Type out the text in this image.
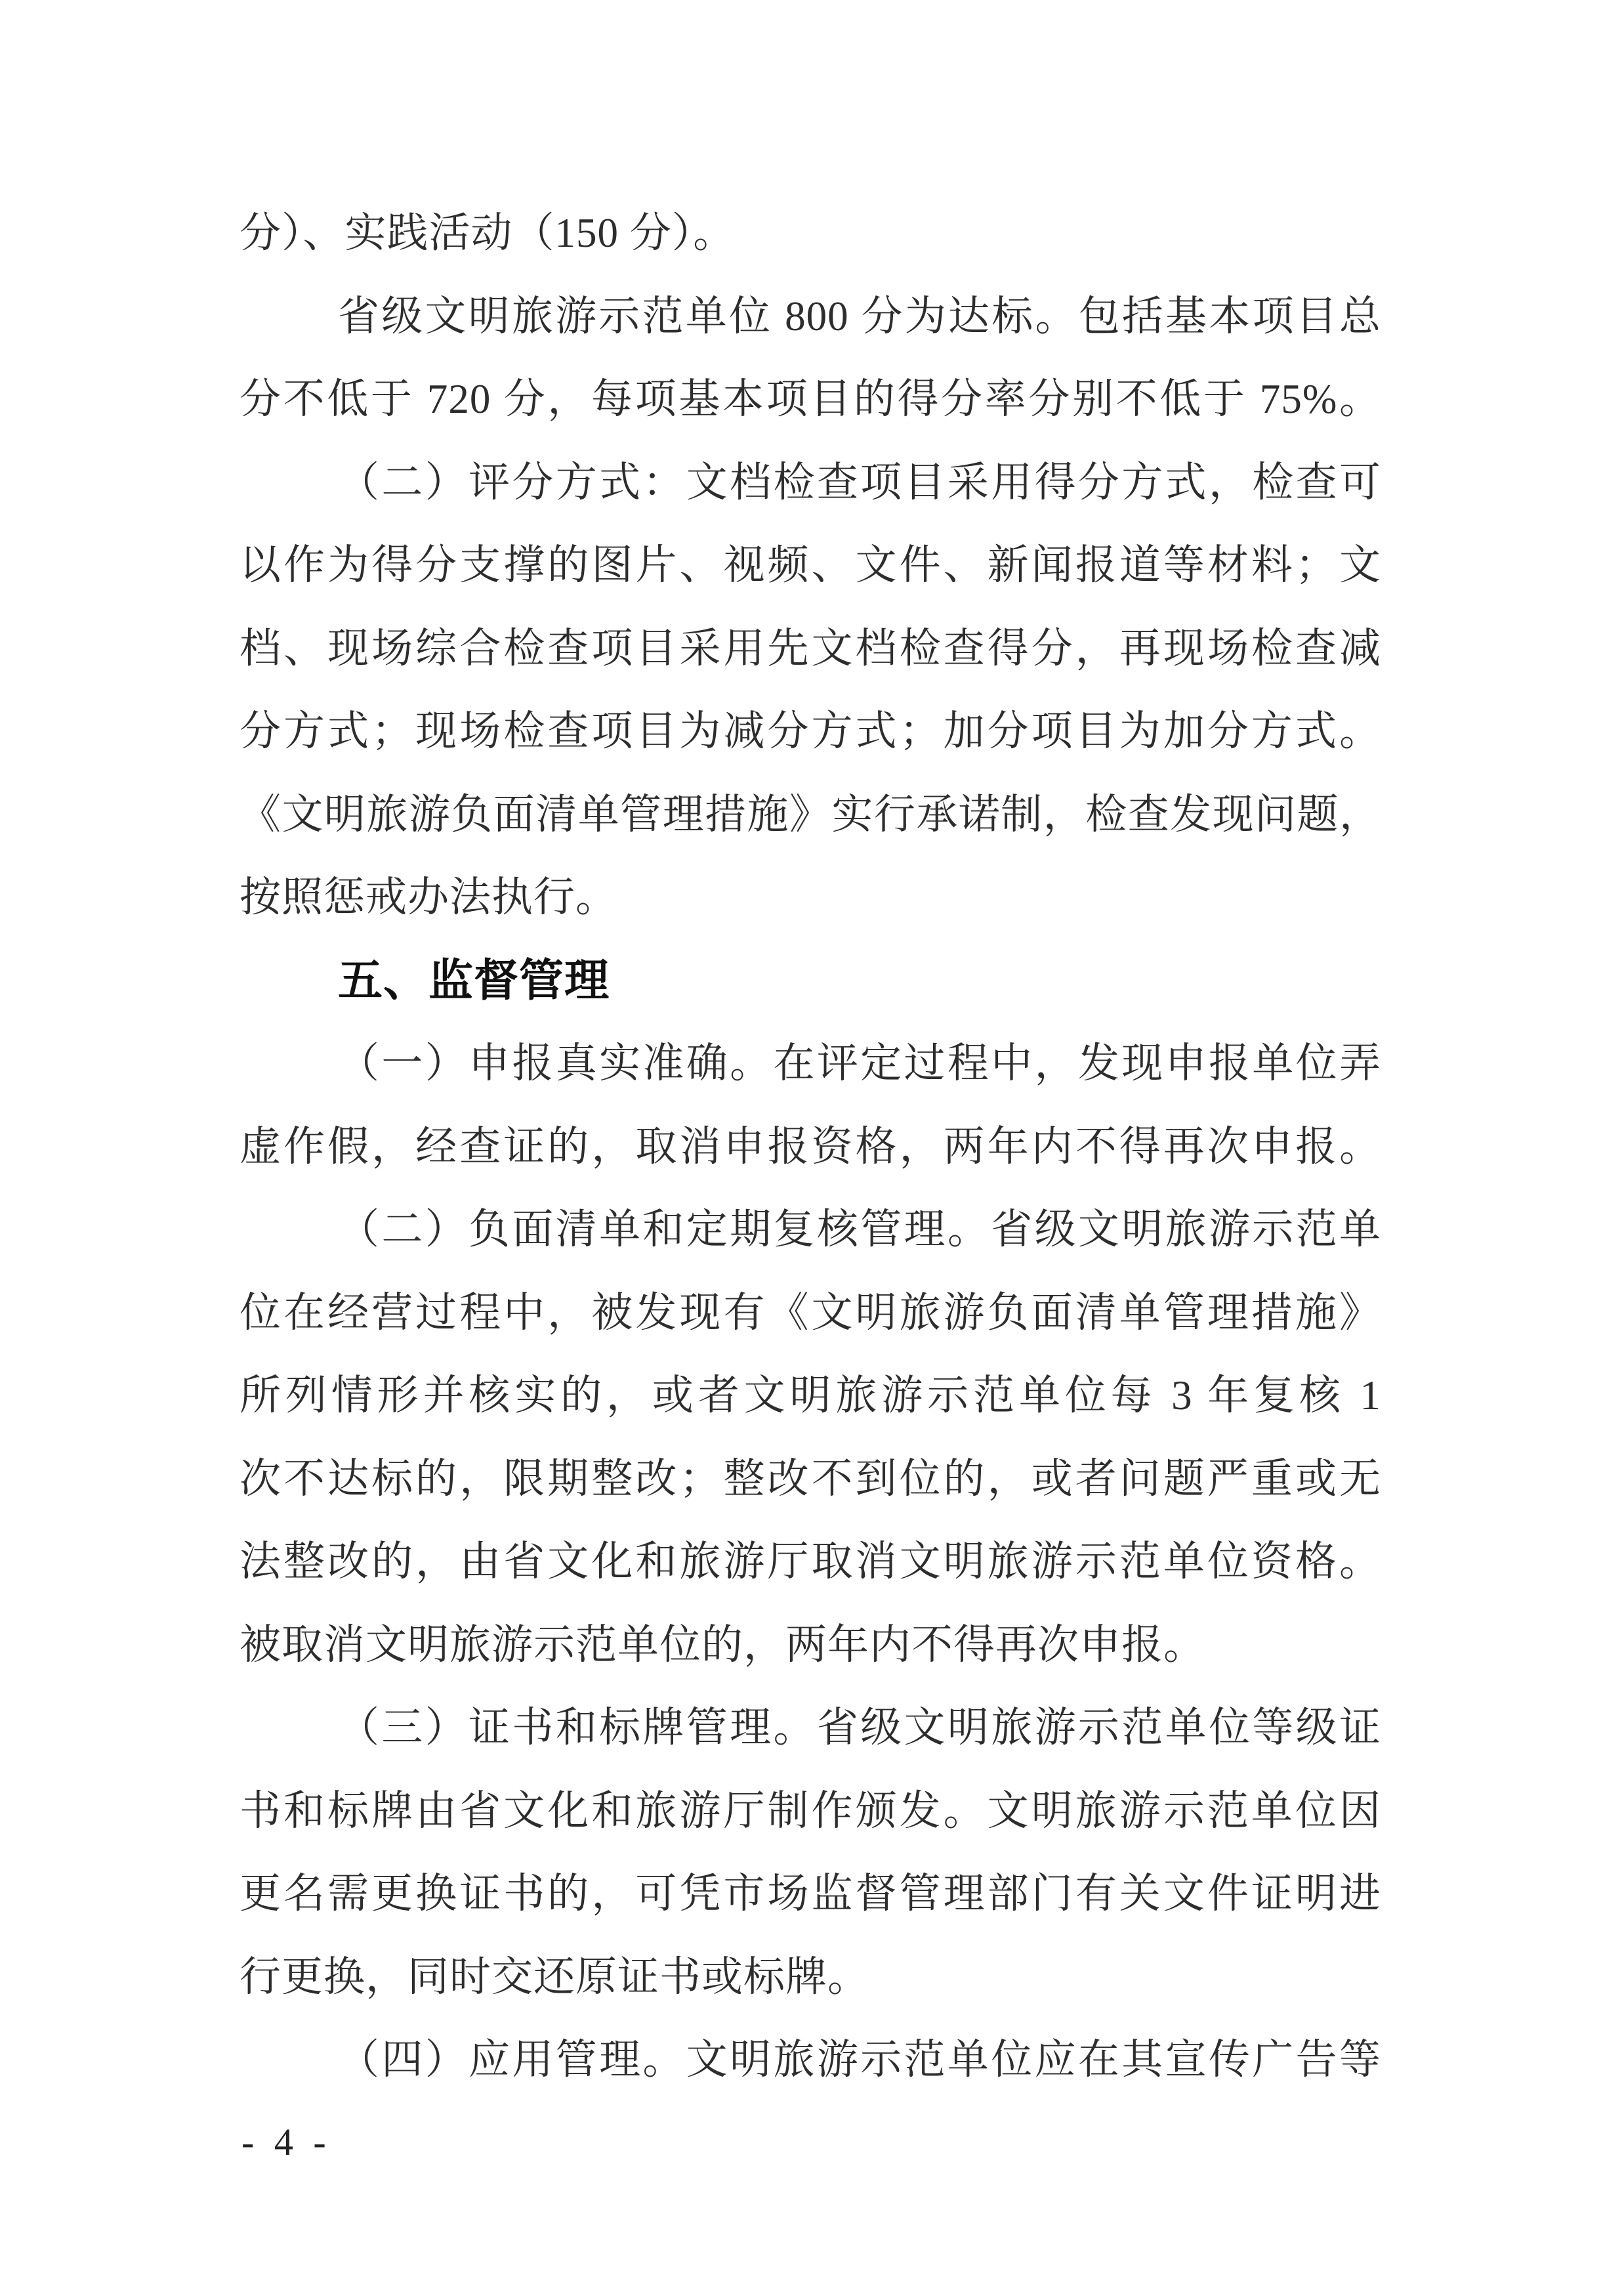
分）、实践活动（150 分）。
省级文明旅游示范单位 800 分为达标。包括基本项目总
分不低于 720 分，每项基本项目的得分率分别不低于 75%。
（二）评分方式：文档检查项目采用得分方式，检查可
以作为得分支撑的图片、视频、文件、新闻报道等材料；文
档、现场综合检查项目采用先文档检查得分，再现场检查减
分方式；现场检查项目为减分方式；加分项目为加分方式。
《文明旅游负面清单管理措施》实行承诺制，检查发现问题，
按照惩戒办法执行。
五、监督管理
（一）申报真实准确。在评定过程中，发现申报单位弄
虚作假，经查证的，取消申报资格，两年内不得再次申报。
（二）负面清单和定期复核管理。省级文明旅游示范单
位在经营过程中，被发现有《文明旅游负面清单管理措施》
所列情形并核实的，或者文明旅游示范单位每 3 年复核 1
次不达标的，限期整改；整改不到位的，或者问题严重或无
法整改的，由省文化和旅游厅取消文明旅游示范单位资格。
被取消文明旅游示范单位的，两年内不得再次申报。
（三）证书和标牌管理。省级文明旅游示范单位等级证
书和标牌由省文化和旅游厅制作颁发。文明旅游示范单位因
更名需更换证书的，可凭市场监督管理部门有关文件证明进
行更换，同时交还原证书或标牌。
（四）应用管理。文明旅游示范单位应在其宣传广告等
- 4 -
